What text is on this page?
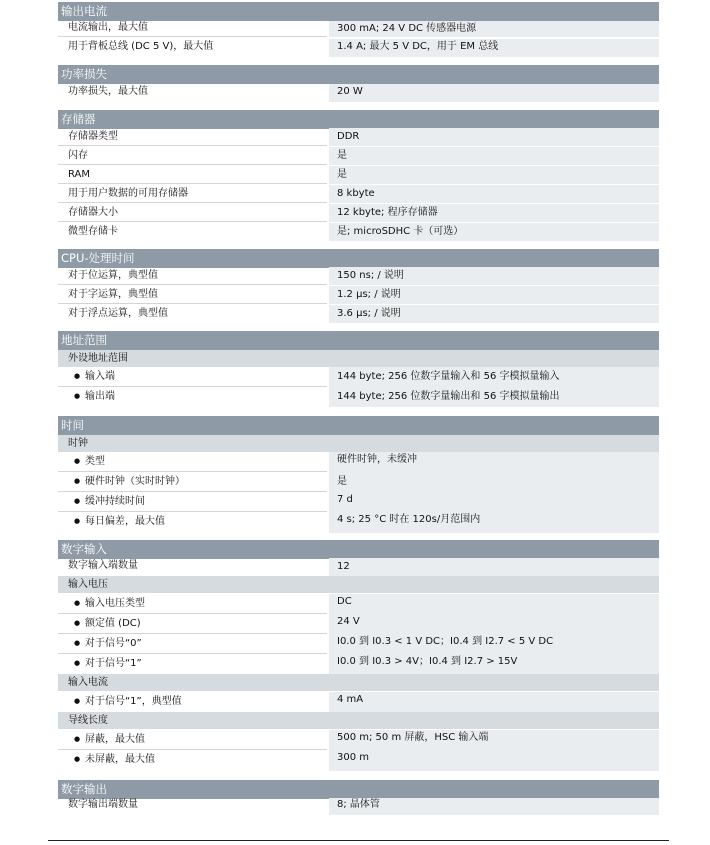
输出电流
电流输出，最大值	300 mA; 24 V DC 传感器电源
用于背板总线 (DC 5 V)，最大值	1.4 A; 最大 5 V DC，用于 EM 总线
功率损失
功率损失，最大值	20 W
存储器
存储器类型	DDR
闪存	是
RAM	是
用于用户数据的可用存储器	8 kbyte
存储器大小	12 kbyte; 程序存储器
微型存储卡	是; microSDHC 卡（可选）
CPU-处理时间
对于位运算，典型值	150 ns; / 说明
对于字运算，典型值	1.2 μs; / 说明
对于浮点运算，典型值	3.6 μs; / 说明
地址范围
外设地址范围
● 输入端	144 byte; 256 位数字量输入和 56 字模拟量输入
● 输出端	144 byte; 256 位数字量输出和 56 字模拟量输出
时间
时钟
● 类型	硬件时钟，未缓冲
● 硬件时钟（实时时钟）	是
● 缓冲持续时间	7 d
● 每日偏差，最大值	4 s; 25 °C 时在 120s/月范围内
数字输入
数字输入端数量	12
输入电压
● 输入电压类型	DC
● 额定值 (DC)	24 V
● 对于信号“0”	I0.0 到 I0.3 < 1 V DC；I0.4 到 I2.7 < 5 V DC
● 对于信号“1”	I0.0 到 I0.3 > 4V；I0.4 到 I2.7 > 15V
输入电流
● 对于信号“1”，典型值	4 mA
导线长度
● 屏蔽，最大值	500 m; 50 m 屏蔽，HSC 输入端
● 未屏蔽，最大值	300 m
数字输出
数字输出端数量	8; 晶体管
